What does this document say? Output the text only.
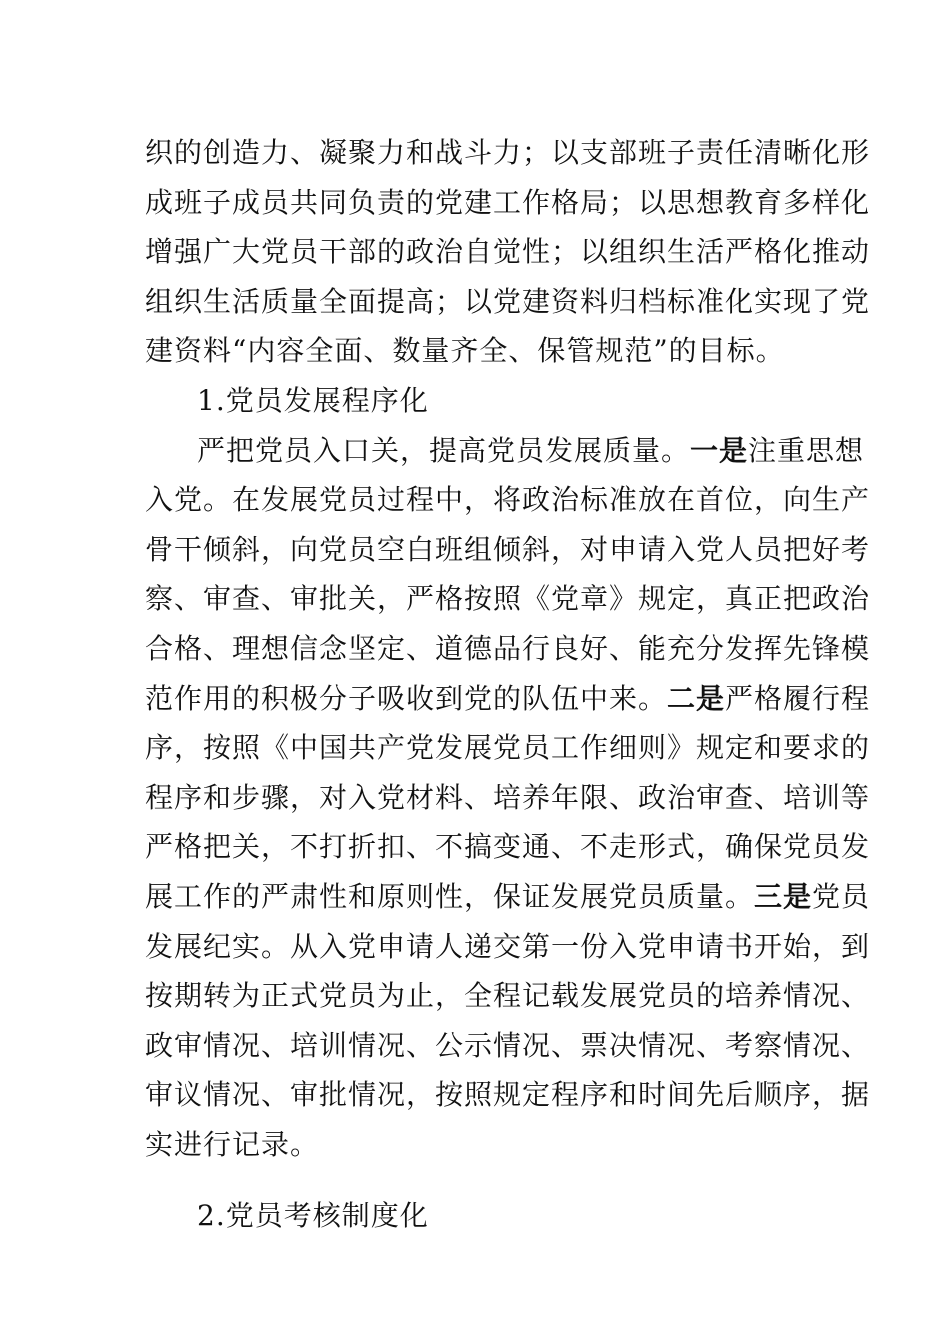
织的创造力、凝聚力和战斗力；以支部班子责任清晰化形
成班子成员共同负责的党建工作格局；以思想教育多样化
增强广大党员干部的政治自觉性；以组织生活严格化推动
组织生活质量全面提高；以党建资料归档标准化实现了党
建资料“内容全面、数量齐全、保管规范”的目标。
1.党员发展程序化
严把党员入口关，提高党员发展质量。一是注重思想
入党。在发展党员过程中，将政治标准放在首位，向生产
骨干倾斜，向党员空白班组倾斜，对申请入党人员把好考
察、审查、审批关，严格按照《党章》规定，真正把政治
合格、理想信念坚定、道德品行良好、能充分发挥先锋模
范作用的积极分子吸收到党的队伍中来。二是严格履行程
序，按照《中国共产党发展党员工作细则》规定和要求的
程序和步骤，对入党材料、培养年限、政治审查、培训等
严格把关，不打折扣、不搞变通、不走形式，确保党员发
展工作的严肃性和原则性，保证发展党员质量。三是党员
发展纪实。从入党申请人递交第一份入党申请书开始，到
按期转为正式党员为止，全程记载发展党员的培养情况、
政审情况、培训情况、公示情况、票决情况、考察情况、
审议情况、审批情况，按照规定程序和时间先后顺序，据
实进行记录。
2.党员考核制度化
